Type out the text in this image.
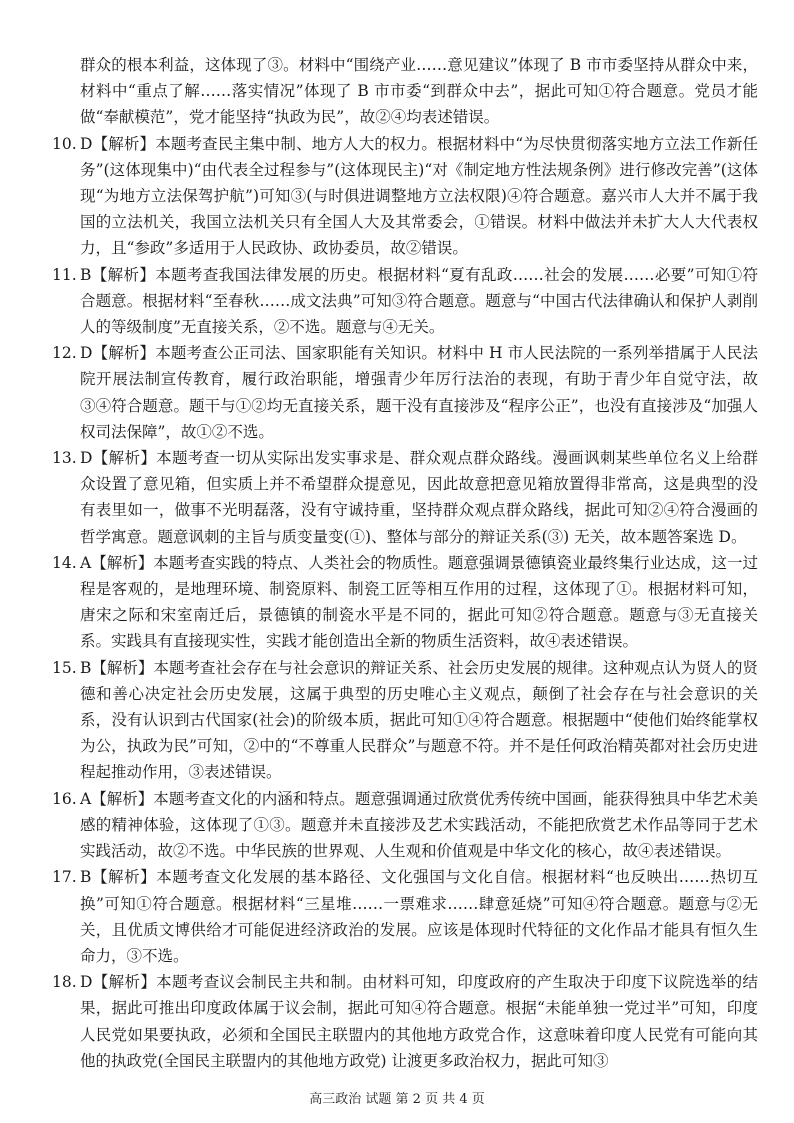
群众的根本利益，这体现了③。材料中“围绕产业……意见建议”体现了 B 市市委坚持从群众中来，材料中“重点了解……落实情况”体现了 B 市市委“到群众中去”，据此可知①符合题意。党员才能做“奉献模范”，党才能坚持“执政为民”，故②④均表述错误。

10. D【解析】本题考查民主集中制、地方人大的权力。根据材料中“为尽快贯彻落实地方立法工作新任务”(这体现集中)“由代表全过程参与”(这体现民主)“对《制定地方性法规条例》进行修改完善”(这体现“为地方立法保驾护航”)可知③(与时俱进调整地方立法权限)④符合题意。嘉兴市人大并不属于我国的立法机关，我国立法机关只有全国人大及其常委会，①错误。材料中做法并未扩大人大代表权力，且“参政”多适用于人民政协、政协委员，故②错误。
11. B【解析】本题考查我国法律发展的历史。根据材料“夏有乱政……社会的发展……必要”可知①符合题意。根据材料“至春秋……成文法典”可知③符合题意。题意与“中国古代法律确认和保护人剥削人的等级制度”无直接关系，②不选。题意与④无关。
12. D【解析】本题考查公正司法、国家职能有关知识。材料中 H 市人民法院的一系列举措属于人民法院开展法制宣传教育，履行政治职能，增强青少年厉行法治的表现，有助于青少年自觉守法，故③④符合题意。题干与①②均无直接关系，题干没有直接涉及“程序公正”，也没有直接涉及“加强人权司法保障”，故①②不选。
13. D【解析】本题考查一切从实际出发实事求是、群众观点群众路线。漫画讽刺某些单位名义上给群众设置了意见箱，但实质上并不希望群众提意见，因此故意把意见箱放置得非常高，这是典型的没有表里如一，做事不光明磊落，没有守诚持重，坚持群众观点群众路线，据此可知②④符合漫画的哲学寓意。题意讽刺的主旨与质变量变(①)、整体与部分的辩证关系(③) 无关，故本题答案选 D。
14. A【解析】本题考查实践的特点、人类社会的物质性。题意强调景德镇瓷业最终集行业达成，这一过程是客观的，是地理环境、制瓷原料、制瓷工匠等相互作用的过程，这体现了①。根据材料可知，唐宋之际和宋室南迁后，景德镇的制瓷水平是不同的，据此可知②符合题意。题意与③无直接关系。实践具有直接现实性，实践才能创造出全新的物质生活资料，故④表述错误。
15. B【解析】本题考查社会存在与社会意识的辩证关系、社会历史发展的规律。这种观点认为贤人的贤德和善心决定社会历史发展，这属于典型的历史唯心主义观点，颠倒了社会存在与社会意识的关系，没有认识到古代国家(社会)的阶级本质，据此可知①④符合题意。根据题中“使他们始终能掌权为公，执政为民”可知，②中的“不尊重人民群众”与题意不符。并不是任何政治精英都对社会历史进程起推动作用，③表述错误。
16. A【解析】本题考查文化的内涵和特点。题意强调通过欣赏优秀传统中国画，能获得独具中华艺术美感的精神体验，这体现了①③。题意并未直接涉及艺术实践活动，不能把欣赏艺术作品等同于艺术实践活动，故②不选。中华民族的世界观、人生观和价值观是中华文化的核心，故④表述错误。
17. B【解析】本题考查文化发展的基本路径、文化强国与文化自信。根据材料“也反映出……热切互换”可知①符合题意。根据材料“三星堆……一票难求……肆意延烧”可知④符合题意。题意与②无关，且优质文博供给才可能促进经济政治的发展。应该是体现时代特征的文化作品才能具有恒久生命力，③不选。
18. D【解析】本题考查议会制民主共和制。由材料可知，印度政府的产生取决于印度下议院选举的结果，据此可推出印度政体属于议会制，据此可知④符合题意。根据“未能单独一党过半”可知，印度人民党如果要执政，必须和全国民主联盟内的其他地方政党合作，这意味着印度人民党有可能向其他的执政党(全国民主联盟内的其他地方政党) 让渡更多政治权力，据此可知③
高三政治 试题 第 2 页 共 4 页
